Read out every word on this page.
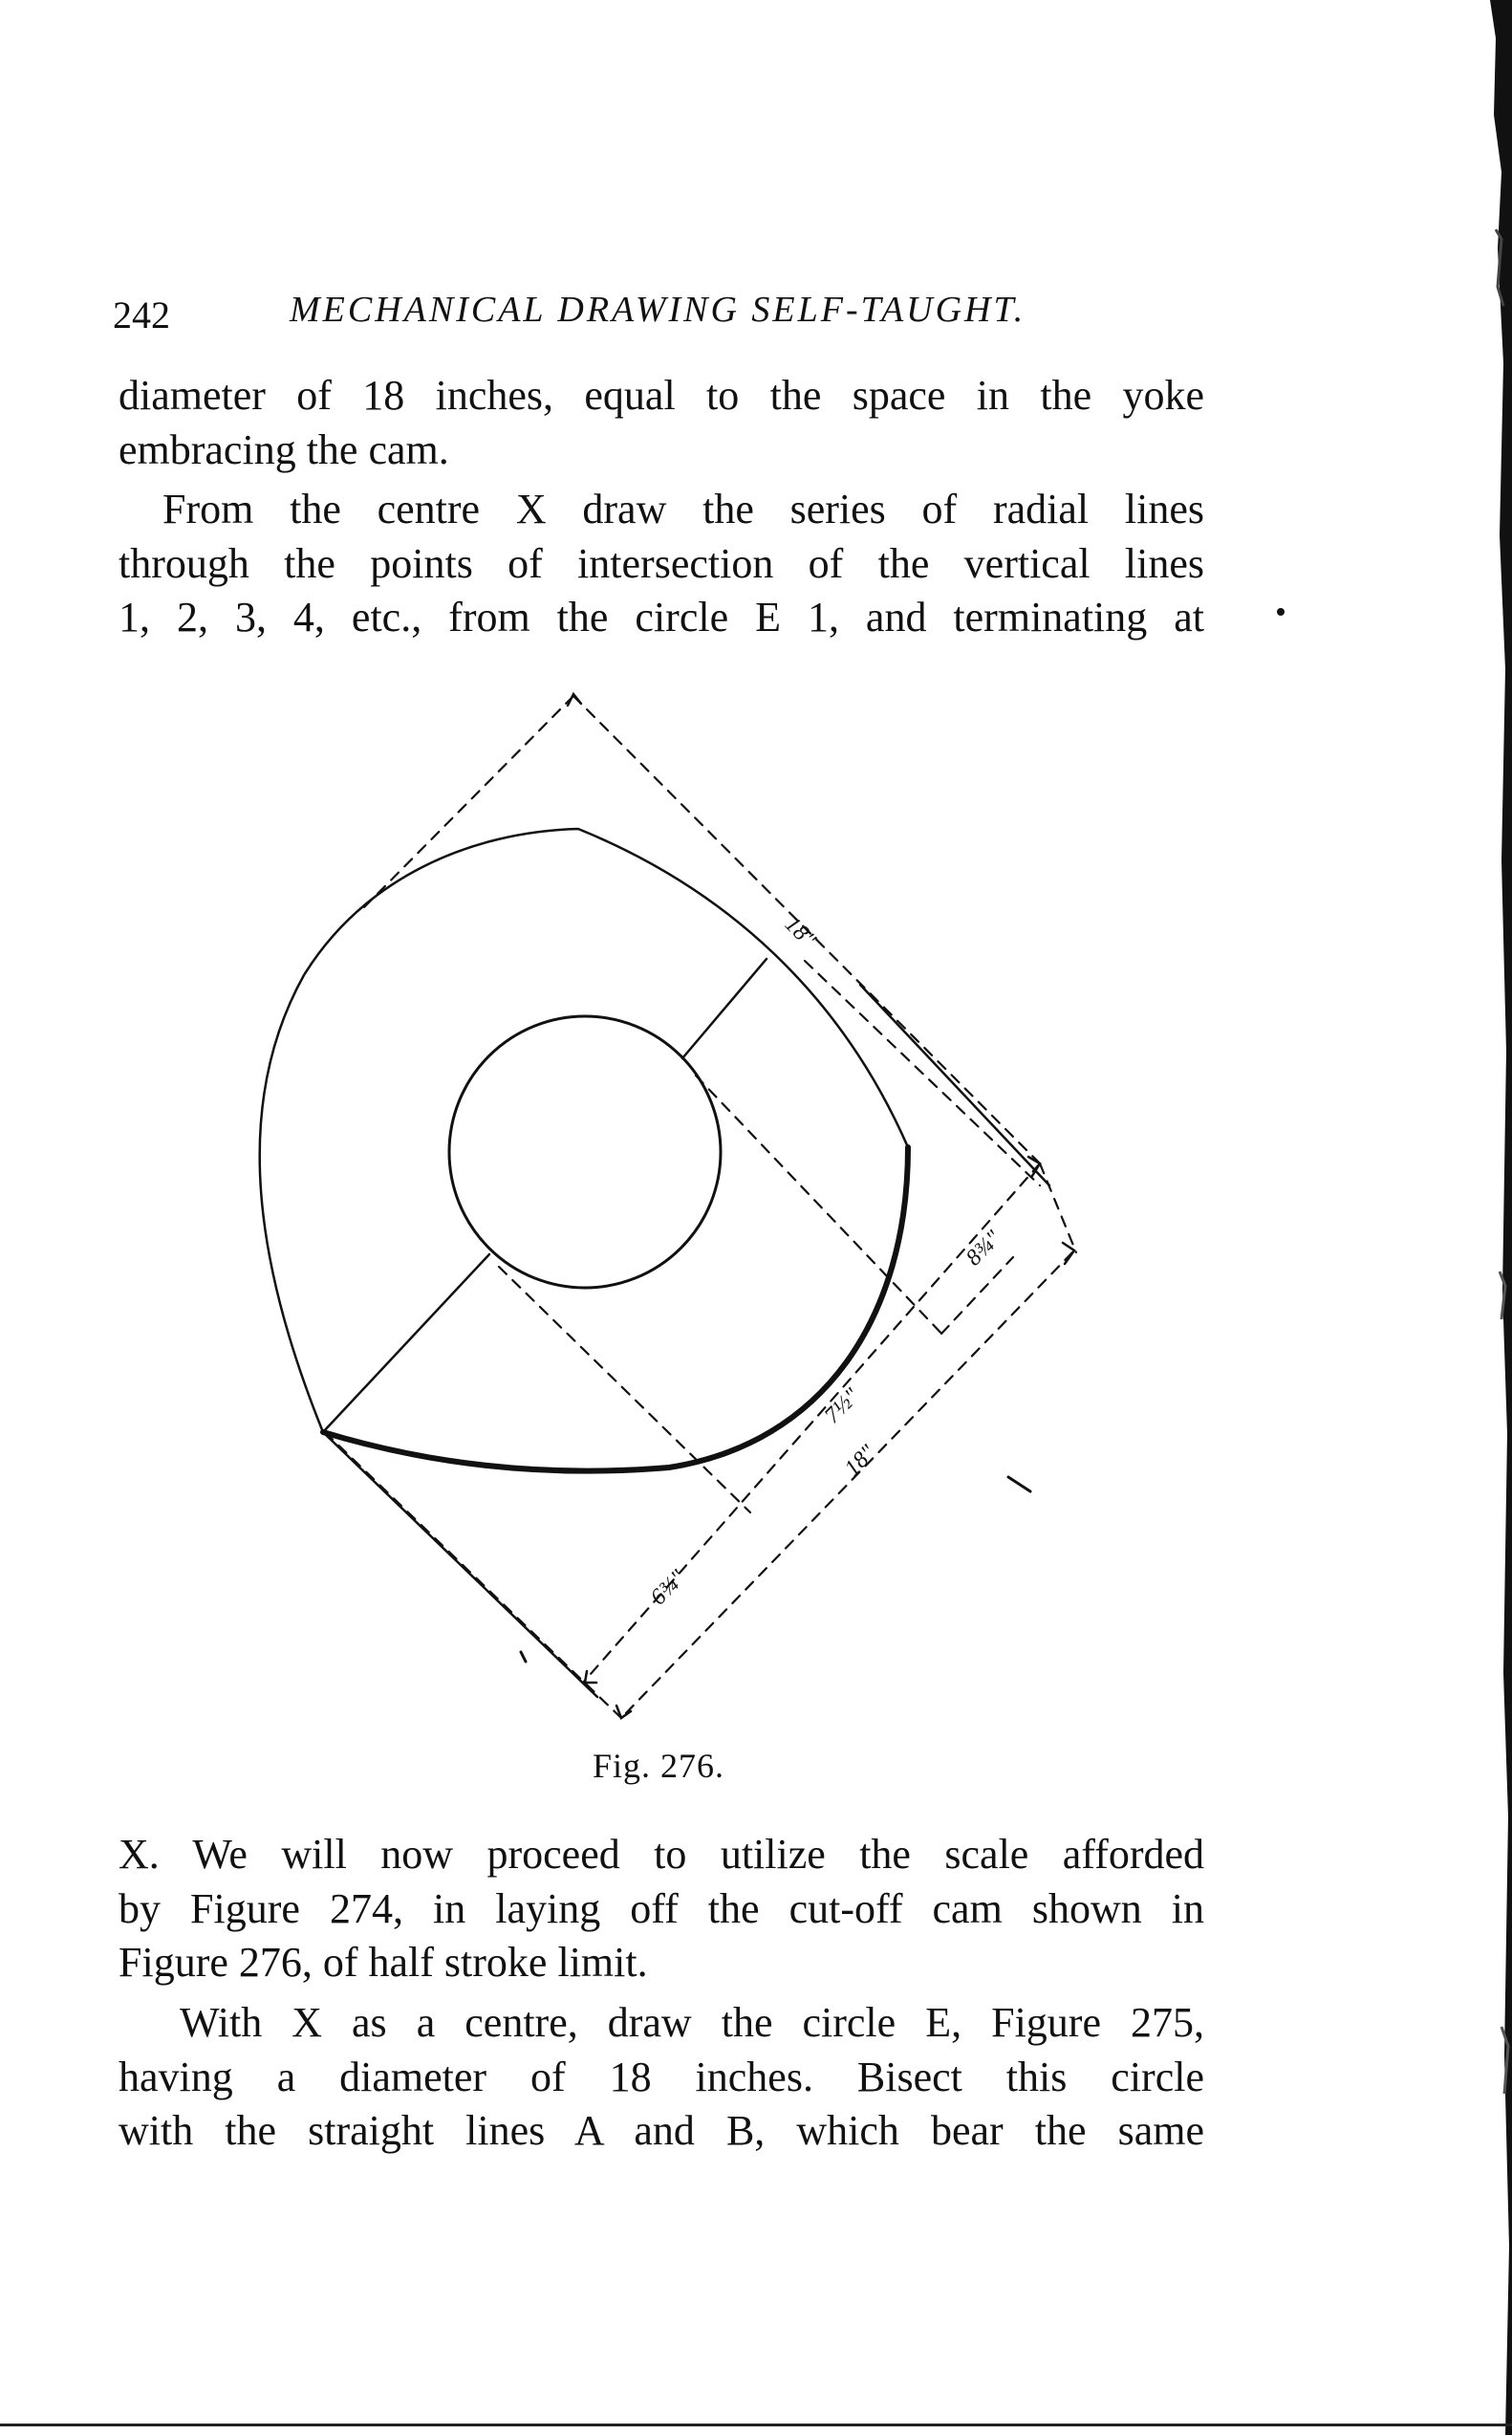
242	MECHANICAL DRAWING SELF-TAUGHT.

diameter of 18 inches, equal to the space in the yoke
embracing the cam.

From the centre X draw the series of radial lines
through the points of intersection of the vertical lines
1, 2, 3, 4, etc., from the circle E 1, and terminating at

18"
8¾"
7½"
18"
6¾"
Fig. 276.

X. We will now proceed to utilize the scale afforded
by Figure 274, in laying off the cut-off cam shown in
Figure 276, of half stroke limit.

With X as a centre, draw the circle E, Figure 275,
having a diameter of 18 inches. Bisect this circle
with the straight lines A and B, which bear the same
